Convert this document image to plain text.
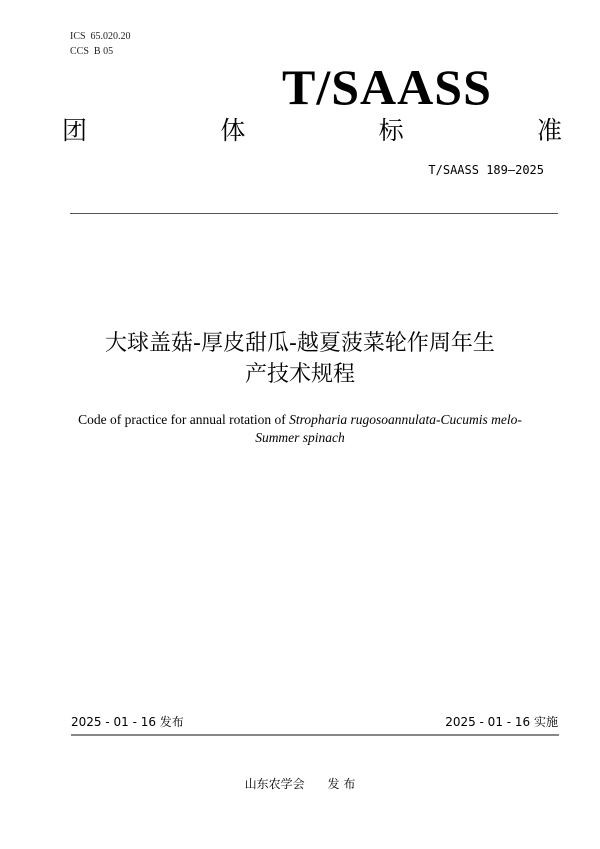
ICS  65.020.20
CCS  B 05
T/SAASS
团	体	标	准
T/SAASS 189—2025
大球盖菇-厚皮甜瓜-越夏菠菜轮作周年生
产技术规程
Code of practice for annual rotation of Stropharia rugosoannulata-Cucumis melo-Summer spinach
2025 - 01 - 16 发布	2025 - 01 - 16 实施
山东农学会      发 布
